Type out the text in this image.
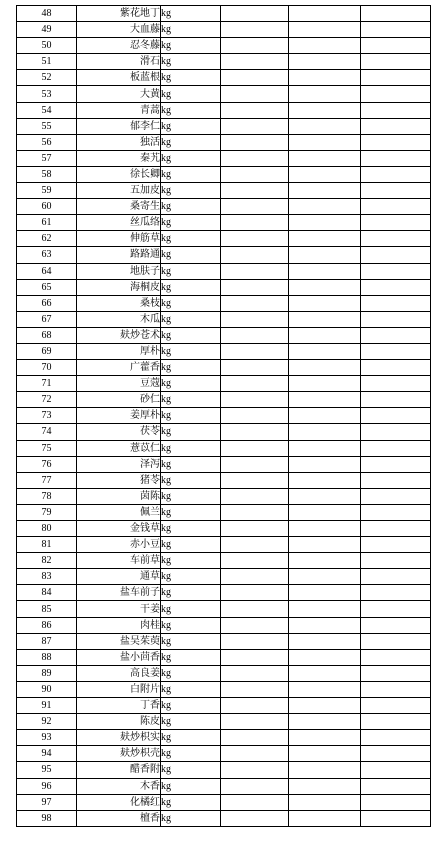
48	紫花地丁	kg			
49	大血藤	kg			
50	忍冬藤	kg			
51	滑石	kg			
52	板蓝根	kg			
53	大黄	kg			
54	青蒿	kg			
55	郁李仁	kg			
56	独活	kg			
57	秦艽	kg			
58	徐长卿	kg			
59	五加皮	kg			
60	桑寄生	kg			
61	丝瓜络	kg			
62	伸筋草	kg			
63	路路通	kg			
64	地肤子	kg			
65	海桐皮	kg			
66	桑枝	kg			
67	木瓜	kg			
68	麸炒苍术	kg			
69	厚朴	kg			
70	广藿香	kg			
71	豆蔻	kg			
72	砂仁	kg			
73	姜厚朴	kg			
74	茯苓	kg			
75	薏苡仁	kg			
76	泽泻	kg			
77	猪苓	kg			
78	茵陈	kg			
79	佩兰	kg			
80	金钱草	kg			
81	赤小豆	kg			
82	车前草	kg			
83	通草	kg			
84	盐车前子	kg			
85	干姜	kg			
86	肉桂	kg			
87	盐吴茱萸	kg			
88	盐小茴香	kg			
89	高良姜	kg			
90	白附片	kg			
91	丁香	kg			
92	陈皮	kg			
93	麸炒枳实	kg			
94	麸炒枳壳	kg			
95	醋香附	kg			
96	木香	kg			
97	化橘红	kg			
98	檀香	kg			
